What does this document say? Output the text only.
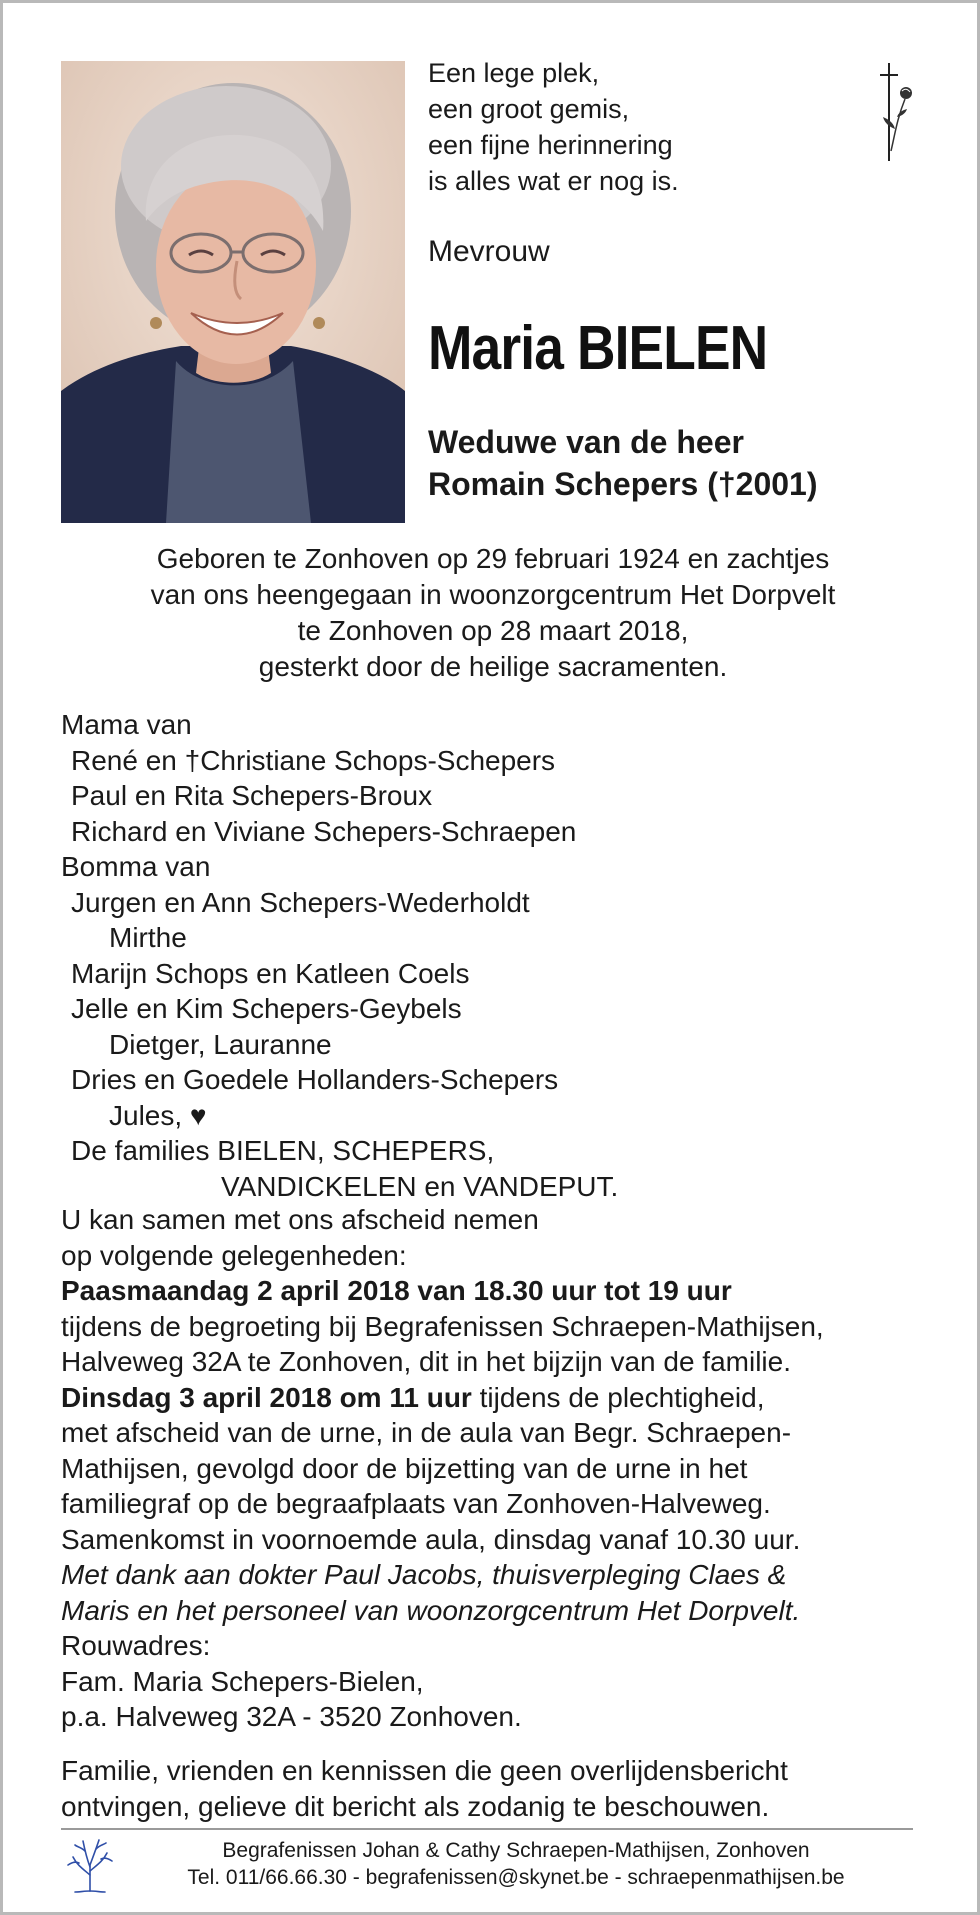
Een lege plek,
een groot gemis,
een fijne herinnering
is alles wat er nog is.
Mevrouw
Maria BIELEN
Weduwe van de heer
Romain Schepers (†2001)
Geboren te Zonhoven op 29 februari 1924 en zachtjes
van ons heengegaan in woonzorgcentrum Het Dorpvelt
te Zonhoven op 28 maart 2018,
gesterkt door de heilige sacramenten.
Mama van
René en †Christiane Schops-Schepers
Paul en Rita Schepers-Broux
Richard en Viviane Schepers-Schraepen
Bomma van
Jurgen en Ann Schepers-Wederholdt
Mirthe
Marijn Schops en Katleen Coels
Jelle en Kim Schepers-Geybels
Dietger, Lauranne
Dries en Goedele Hollanders-Schepers
Jules, ♥
De families BIELEN, SCHEPERS,
VANDICKELEN en VANDEPUT.
U kan samen met ons afscheid nemen
op volgende gelegenheden:
Paasmaandag 2 april 2018 van 18.30 uur tot 19 uur
tijdens de begroeting bij Begrafenissen Schraepen-Mathijsen,
Halveweg 32A te Zonhoven, dit in het bijzijn van de familie.
Dinsdag 3 april 2018 om 11 uur tijdens de plechtigheid,
met afscheid van de urne, in de aula van Begr. Schraepen-
Mathijsen, gevolgd door de bijzetting van de urne in het
familiegraf op de begraafplaats van Zonhoven-Halveweg.
Samenkomst in voornoemde aula, dinsdag vanaf 10.30 uur.
Met dank aan dokter Paul Jacobs, thuisverpleging Claes &
Maris en het personeel van woonzorgcentrum Het Dorpvelt.
Rouwadres:
Fam. Maria Schepers-Bielen,
p.a. Halveweg 32A - 3520 Zonhoven.
Familie, vrienden en kennissen die geen overlijdensbericht
ontvingen, gelieve dit bericht als zodanig te beschouwen.
Begrafenissen Johan & Cathy Schraepen-Mathijsen, Zonhoven
Tel. 011/66.66.30 - begrafenissen@skynet.be - schraepenmathijsen.be
